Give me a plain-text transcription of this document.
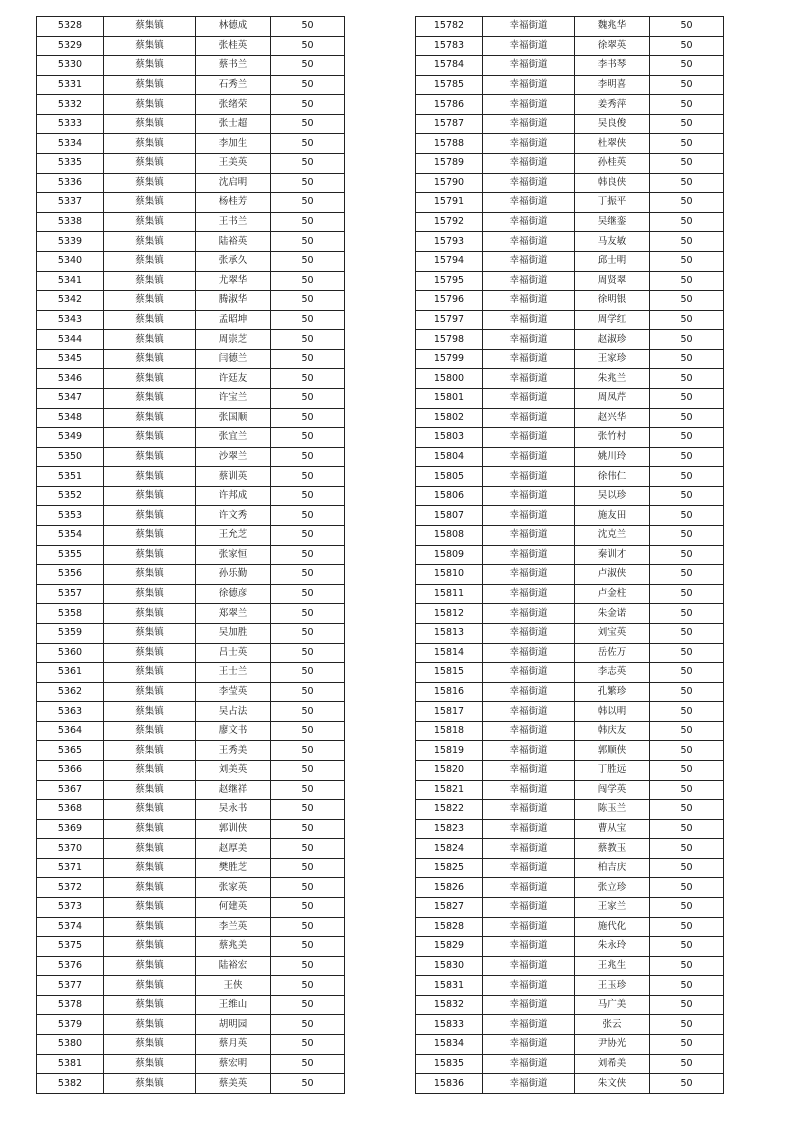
5328	蔡集镇	林德成	50
5329	蔡集镇	张桂英	50
5330	蔡集镇	蔡书兰	50
5331	蔡集镇	石秀兰	50
5332	蔡集镇	张绪荣	50
5333	蔡集镇	张士超	50
5334	蔡集镇	李加生	50
5335	蔡集镇	王美英	50
5336	蔡集镇	沈启明	50
5337	蔡集镇	杨桂芳	50
5338	蔡集镇	王书兰	50
5339	蔡集镇	陆裕英	50
5340	蔡集镇	张承久	50
5341	蔡集镇	尤翠华	50
5342	蔡集镇	腾淑华	50
5343	蔡集镇	孟昭坤	50
5344	蔡集镇	周崇芝	50
5345	蔡集镇	闫德兰	50
5346	蔡集镇	许廷友	50
5347	蔡集镇	许宝兰	50
5348	蔡集镇	张国顺	50
5349	蔡集镇	张宜兰	50
5350	蔡集镇	沙翠兰	50
5351	蔡集镇	蔡训英	50
5352	蔡集镇	许邦成	50
5353	蔡集镇	许文秀	50
5354	蔡集镇	王允芝	50
5355	蔡集镇	张家恒	50
5356	蔡集镇	孙乐勤	50
5357	蔡集镇	徐德彦	50
5358	蔡集镇	郑翠兰	50
5359	蔡集镇	吴加胜	50
5360	蔡集镇	吕士英	50
5361	蔡集镇	王士兰	50
5362	蔡集镇	李莹英	50
5363	蔡集镇	吴占法	50
5364	蔡集镇	廖文书	50
5365	蔡集镇	王秀美	50
5366	蔡集镇	刘美英	50
5367	蔡集镇	赵继祥	50
5368	蔡集镇	吴永书	50
5369	蔡集镇	郭训侠	50
5370	蔡集镇	赵厚美	50
5371	蔡集镇	樊胜芝	50
5372	蔡集镇	张家英	50
5373	蔡集镇	何建英	50
5374	蔡集镇	李兰英	50
5375	蔡集镇	蔡兆美	50
5376	蔡集镇	陆裕宏	50
5377	蔡集镇	王侠	50
5378	蔡集镇	王维山	50
5379	蔡集镇	胡明园	50
5380	蔡集镇	蔡月英	50
5381	蔡集镇	蔡宏明	50
5382	蔡集镇	蔡美英	50
15782	幸福街道	魏兆华	50
15783	幸福街道	徐翠英	50
15784	幸福街道	李书琴	50
15785	幸福街道	李明喜	50
15786	幸福街道	姜秀萍	50
15787	幸福街道	吴良俊	50
15788	幸福街道	杜翠侠	50
15789	幸福街道	孙桂英	50
15790	幸福街道	韩良侠	50
15791	幸福街道	丁振平	50
15792	幸福街道	吴继銮	50
15793	幸福街道	马友敏	50
15794	幸福街道	邱士明	50
15795	幸福街道	周贤翠	50
15796	幸福街道	徐明银	50
15797	幸福街道	周学红	50
15798	幸福街道	赵淑珍	50
15799	幸福街道	王家珍	50
15800	幸福街道	朱兆兰	50
15801	幸福街道	周凤芹	50
15802	幸福街道	赵兴华	50
15803	幸福街道	张竹村	50
15804	幸福街道	姚川玲	50
15805	幸福街道	徐伟仁	50
15806	幸福街道	吴以珍	50
15807	幸福街道	施友田	50
15808	幸福街道	沈克兰	50
15809	幸福街道	秦训才	50
15810	幸福街道	卢淑侠	50
15811	幸福街道	卢金柱	50
15812	幸福街道	朱金诺	50
15813	幸福街道	刘宝英	50
15814	幸福街道	岳佐万	50
15815	幸福街道	李志英	50
15816	幸福街道	孔繁珍	50
15817	幸福街道	韩以明	50
15818	幸福街道	韩庆友	50
15819	幸福街道	郭顺侠	50
15820	幸福街道	丁胜远	50
15821	幸福街道	闯学英	50
15822	幸福街道	陈玉兰	50
15823	幸福街道	曹从宝	50
15824	幸福街道	蔡教玉	50
15825	幸福街道	柏吉庆	50
15826	幸福街道	张立珍	50
15827	幸福街道	王家兰	50
15828	幸福街道	施代化	50
15829	幸福街道	朱永玲	50
15830	幸福街道	王兆生	50
15831	幸福街道	王玉珍	50
15832	幸福街道	马广美	50
15833	幸福街道	张云	50
15834	幸福街道	尹协光	50
15835	幸福街道	刘希美	50
15836	幸福街道	朱文侠	50
